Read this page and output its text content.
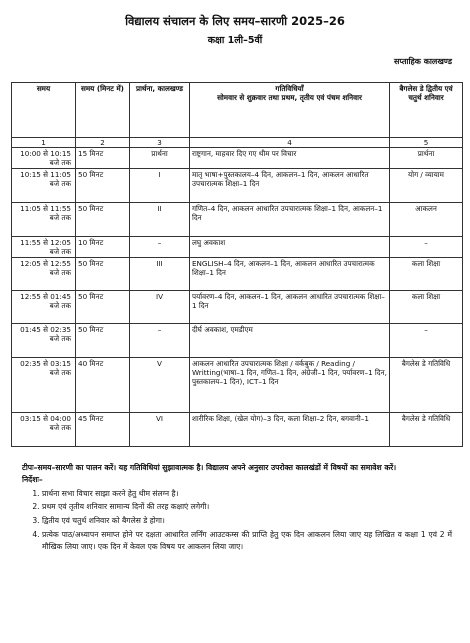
विद्यालय संचालन के लिए समय–सारणी 2025–26
कक्षा 1ली–5वीं
सप्ताहिक कालखण्ड
समय	समय (मिनट में)	प्रार्थना, कालखण्ड	गतिविधियाँ
सोमवार से शुक्रवार तथा प्रथम, तृतीय एवं पंचम शनिवार	बैगलेस डे द्वितीय एवं चतुर्थ शनिवार
1	2	3	4	5
10:00 से 10:15 बजे तक	15 मिनट	प्रार्थना	राष्ट्रगान, माहवार दिए गए थीम पर विचार	प्रार्थना
10:15 से 11:05 बजे तक	50 मिनट	I	मातृ भाषा+पुस्तकालय–4 दिन, आकलन–1 दिन, आकलन आधारित उपचारात्मक शिक्षा–1 दिन	योग / व्यायाम
11:05 से 11:55 बजे तक	50 मिनट	II	गणित–4 दिन, आकलन आधारित उपचारात्मक शिक्षा–1 दिन, आकलन–1 दिन	आकलन
11:55 से 12:05 बजे तक	10 मिनट	–	लघु अवकाश	–
12:05 से 12:55 बजे तक	50 मिनट	III	ENGLISH–4 दिन, आकलन–1 दिन, आकलन आधारित उपचारात्मक शिक्षा–1 दिन	कला शिक्षा
12:55 से 01:45 बजे तक	50 मिनट	IV	पर्यावरण–4 दिन, आकलन–1 दिन, आकलन आधारित उपचारात्मक शिक्षा–1 दिन	कला शिक्षा
01:45 से 02:35 बजे तक	50 मिनट	–	दीर्घ अवकाश, एमडीएम	–
02:35 से 03:15 बजे तक	40 मिनट	V	आकलन आधारित उपचारात्मक शिक्षा / वर्कबुक / Reading / Writting(भाषा–1 दिन, गणित–1 दिन, अंग्रेजी–1 दिन, पर्यावरण–1 दिन, पुस्तकालय–1 दिन), ICT–1 दिन	बैगलेस डे गतिविधि
03:15 से 04:00 बजे तक	45 मिनट	VI	शारीरिक शिक्षा, (खेल योग)–3 दिन, कला शिक्षा–2 दिन, बगवानी–1	बैगलेस डे गतिविधि
टीपः–समय–सारणी का पालन करें। यह गतिविधियां सुझावात्मक है। विद्यालय अपने अनुसार उपरोक्त कालखंडों में विषयों का समावेश करें।
निर्देशः–
1. प्रार्थना सभा विचार साझा करने हेतु थीम संलग्न है।
2. प्रथम एवं तृतीय शनिवार सामान्य दिनों की तरह कक्षाएं लगेगी।
3. द्वितीय एवं चतुर्थ शनिवार को बैगलेस डे होगा।
4. प्रत्येक पाठ/अध्यापन समाप्त होने पर दक्षता आधारित लर्निंग आउटकम्स की प्राप्ति हेतु एक दिन आकलन लिया जाए यह लिखित व कक्षा 1 एवं 2 में मौखिक लिया जाए। एक दिन में केवल एक विषय पर आकलन लिया जाए।
